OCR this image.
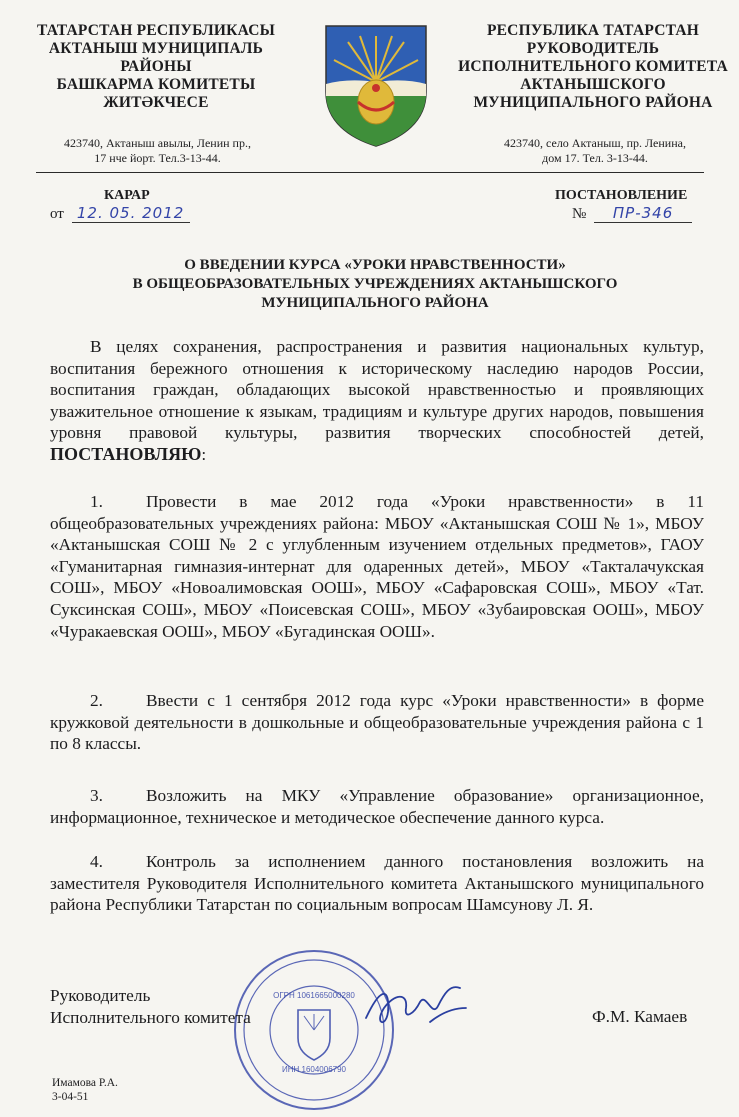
ТАТАРСТАН РЕСПУБЛИКАСЫ
АКТАНЫШ МУНИЦИПАЛЬ
РАЙОНЫ
БАШКАРМА КОМИТЕТЫ
ЖИТӘКЧЕСЕ
РЕСПУБЛИКА ТАТАРСТАН
РУКОВОДИТЕЛЬ
ИСПОЛНИТЕЛЬНОГО КОМИТЕТА
АКТАНЫШСКОГО
МУНИЦИПАЛЬНОГО РАЙОНА
423740, Актаныш авылы, Ленин пр.,
17 нче йорт. Тел.3-13-44.
423740, село Актаныш, пр. Ленина,
дом 17. Тел. 3-13-44.
КАРАР
от 12. 05. 2012
ПОСТАНОВЛЕНИЕ
№ ПР-346
О ВВЕДЕНИИ КУРСА «УРОКИ НРАВСТВЕННОСТИ»
В ОБЩЕОБРАЗОВАТЕЛЬНЫХ УЧРЕЖДЕНИЯХ АКТАНЫШСКОГО
МУНИЦИПАЛЬНОГО РАЙОНА
В целях сохранения, распространения и развития национальных культур, воспитания бережного отношения к историческому наследию народов России, воспитания граждан, обладающих высокой нравственностью и проявляющих уважительное отношение к языкам, традициям и культуре других народов, повышения уровня правовой культуры, развития творческих способностей детей, ПОСТАНОВЛЯЮ:
1. Провести в мае 2012 года «Уроки нравственности» в 11 общеобразовательных учреждениях района: МБОУ «Актанышская СОШ № 1», МБОУ «Актанышская СОШ № 2 с углубленным изучением отдельных предметов», ГАОУ «Гуманитарная гимназия-интернат для одаренных детей», МБОУ «Такталачукская СОШ», МБОУ «Новоалимовская ООШ», МБОУ «Сафаровская СОШ», МБОУ «Тат. Суксинская СОШ», МБОУ «Поисевская СОШ», МБОУ «Зубаировская ООШ», МБОУ «Чуракаевская ООШ», МБОУ «Бугадинская ООШ».
2. Ввести с 1 сентября 2012 года курс «Уроки нравственности» в форме кружковой деятельности в дошкольные и общеобразовательные учреждения района с 1 по 8 классы.
3. Возложить на МКУ «Управление образование» организационное, информационное, техническое и методическое обеспечение данного курса.
4. Контроль за исполнением данного постановления возложить на заместителя Руководителя Исполнительного комитета Актанышского муниципального района Республики Татарстан по социальным вопросам Шамсунову Л. Я.
ОГРН 1061665000280
ИНН 1604006790
Руководитель
Исполнительного комитета	Ф.М. Камаев
Имамова Р.А.
3-04-51
